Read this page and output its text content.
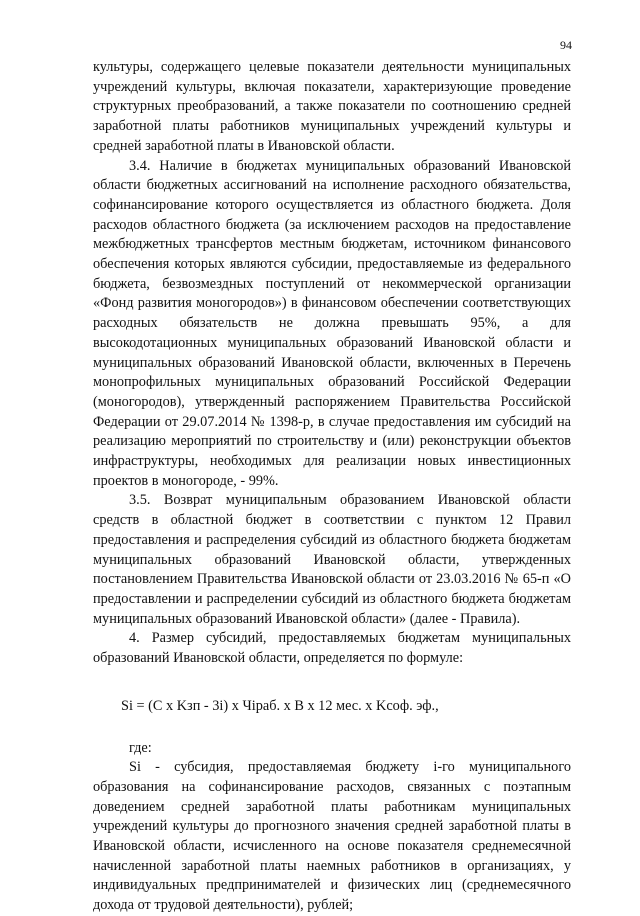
94

культуры, содержащего целевые показатели деятельности муниципальных учреждений культуры, включая показатели, характеризующие проведение структурных преобразований, а также показатели по соотношению средней заработной платы работников муниципальных учреждений культуры и средней заработной платы в Ивановской области.

3.4. Наличие в бюджетах муниципальных образований Ивановской области бюджетных ассигнований на исполнение расходного обязательства, софинансирование которого осуществляется из областного бюджета. Доля расходов областного бюджета (за исключением расходов на предоставление межбюджетных трансфертов местным бюджетам, источником финансового обеспечения которых являются субсидии, предоставляемые из федерального бюджета, безвозмездных поступлений от некоммерческой организации «Фонд развития моногородов») в финансовом обеспечении соответствующих расходных обязательств не должна превышать 95%, а для высокодотационных муниципальных образований Ивановской области и муниципальных образований Ивановской области, включенных в Перечень монопрофильных муниципальных образований Российской Федерации (моногородов), утвержденный распоряжением Правительства Российской Федерации от 29.07.2014 № 1398-р, в случае предоставления им субсидий на реализацию мероприятий по строительству и (или) реконструкции объектов инфраструктуры, необходимых для реализации новых инвестиционных проектов в моногороде, - 99%.

3.5. Возврат муниципальным образованием Ивановской области средств в областной бюджет в соответствии с пунктом 12 Правил предоставления и распределения субсидий из областного бюджета бюджетам муниципальных образований Ивановской области, утвержденных постановлением Правительства Ивановской области от 23.03.2016 № 65-п «О предоставлении и распределении субсидий из областного бюджета бюджетам муниципальных образований Ивановской области» (далее - Правила).

4. Размер субсидий, предоставляемых бюджетам муниципальных образований Ивановской области, определяется по формуле:

Si = (C x Kзп - 3i) x Чiраб. x B x 12 мес. x Kсоф. эф.,

где:

Si - субсидия, предоставляемая бюджету i-го муниципального образования на софинансирование расходов, связанных с поэтапным доведением средней заработной платы работникам муниципальных учреждений культуры до прогнозного значения средней заработной платы в Ивановской области, исчисленного на основе показателя среднемесячной начисленной заработной платы наемных работников в организациях, у индивидуальных предпринимателей и физических лиц (среднемесячного дохода от трудовой деятельности), рублей;
